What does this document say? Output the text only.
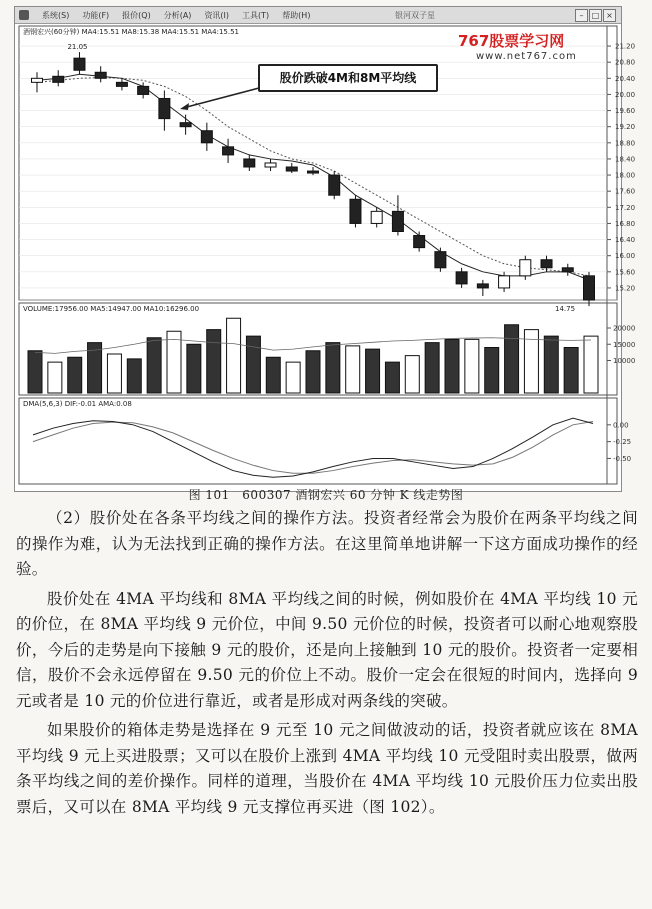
系统(S) 功能(F) 报价(Q) 分析(A) 资讯(I) 工具(T) 帮助(H)	银河双子星	–	□ ×
酒钢宏兴(60分钟) MA4:15.51 MA8:15.38 MA4:15.51 MA4:15.51
VOLUME:17956.00 MA5:14947.00 MA10:16296.00
DMA(5,6,3) DIF:-0.01 AMA:0.08
21.20
20.80
20.40
20.00
19.60
19.20
18.80
18.40
18.00
17.60
17.20
16.80
16.40
16.00
15.60
15.20
21.05
14.75
20000
15000
10000
0.00
-0.25
-0.50
767股票学习网
www.net767.com
股价跌破4M和8M平均线
图 101　600307 酒钢宏兴 60 分钟 K 线走势图

（2）股价处在各条平均线之间的操作方法。投资者经常会为股价在两条平均线之间的操作为难，认为无法找到正确的操作方法。在这里简单地讲解一下这方面成功操作的经验。

股价处在 4MA 平均线和 8MA 平均线之间的时候，例如股价在 4MA 平均线 10 元的价位，在 8MA 平均线 9 元价位，中间 9.50 元价位的时候，投资者可以耐心地观察股价，今后的走势是向下接触 9 元的股价，还是向上接触到 10 元的股价。投资者一定要相信，股价不会永远停留在 9.50 元的价位上不动。股价一定会在很短的时间内，选择向 9 元或者是 10 元的价位进行靠近，或者是形成对两条线的突破。

如果股价的箱体走势是选择在 9 元至 10 元之间做波动的话，投资者就应该在 8MA 平均线 9 元上买进股票；又可以在股价上涨到 4MA 平均线 10 元受阻时卖出股票，做两条平均线之间的差价操作。同样的道理，当股价在 4MA 平均线 10 元股价压力位卖出股票后，又可以在 8MA 平均线 9 元支撑位再买进（图 102）。
